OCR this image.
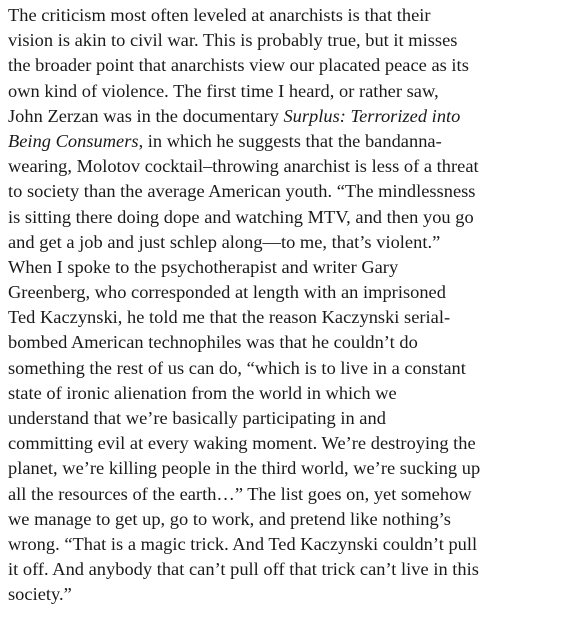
The criticism most often leveled at anarchists is that their
vision is akin to civil war. This is probably true, but it misses
the broader point that anarchists view our placated peace as its
own kind of violence. The first time I heard, or rather saw,
John Zerzan was in the documentary Surplus: Terrorized into
Being Consumers, in which he suggests that the bandanna-
wearing, Molotov cocktail–throwing anarchist is less of a threat
to society than the average American youth. “The mindlessness
is sitting there doing dope and watching MTV, and then you go
and get a job and just schlep along—to me, that’s violent.”
When I spoke to the psychotherapist and writer Gary
Greenberg, who corresponded at length with an imprisoned
Ted Kaczynski, he told me that the reason Kaczynski serial-
bombed American technophiles was that he couldn’t do
something the rest of us can do, “which is to live in a constant
state of ironic alienation from the world in which we
understand that we’re basically participating in and
committing evil at every waking moment. We’re destroying the
planet, we’re killing people in the third world, we’re sucking up
all the resources of the earth…” The list goes on, yet somehow
we manage to get up, go to work, and pretend like nothing’s
wrong. “That is a magic trick. And Ted Kaczynski couldn’t pull
it off. And anybody that can’t pull off that trick can’t live in this
society.”
